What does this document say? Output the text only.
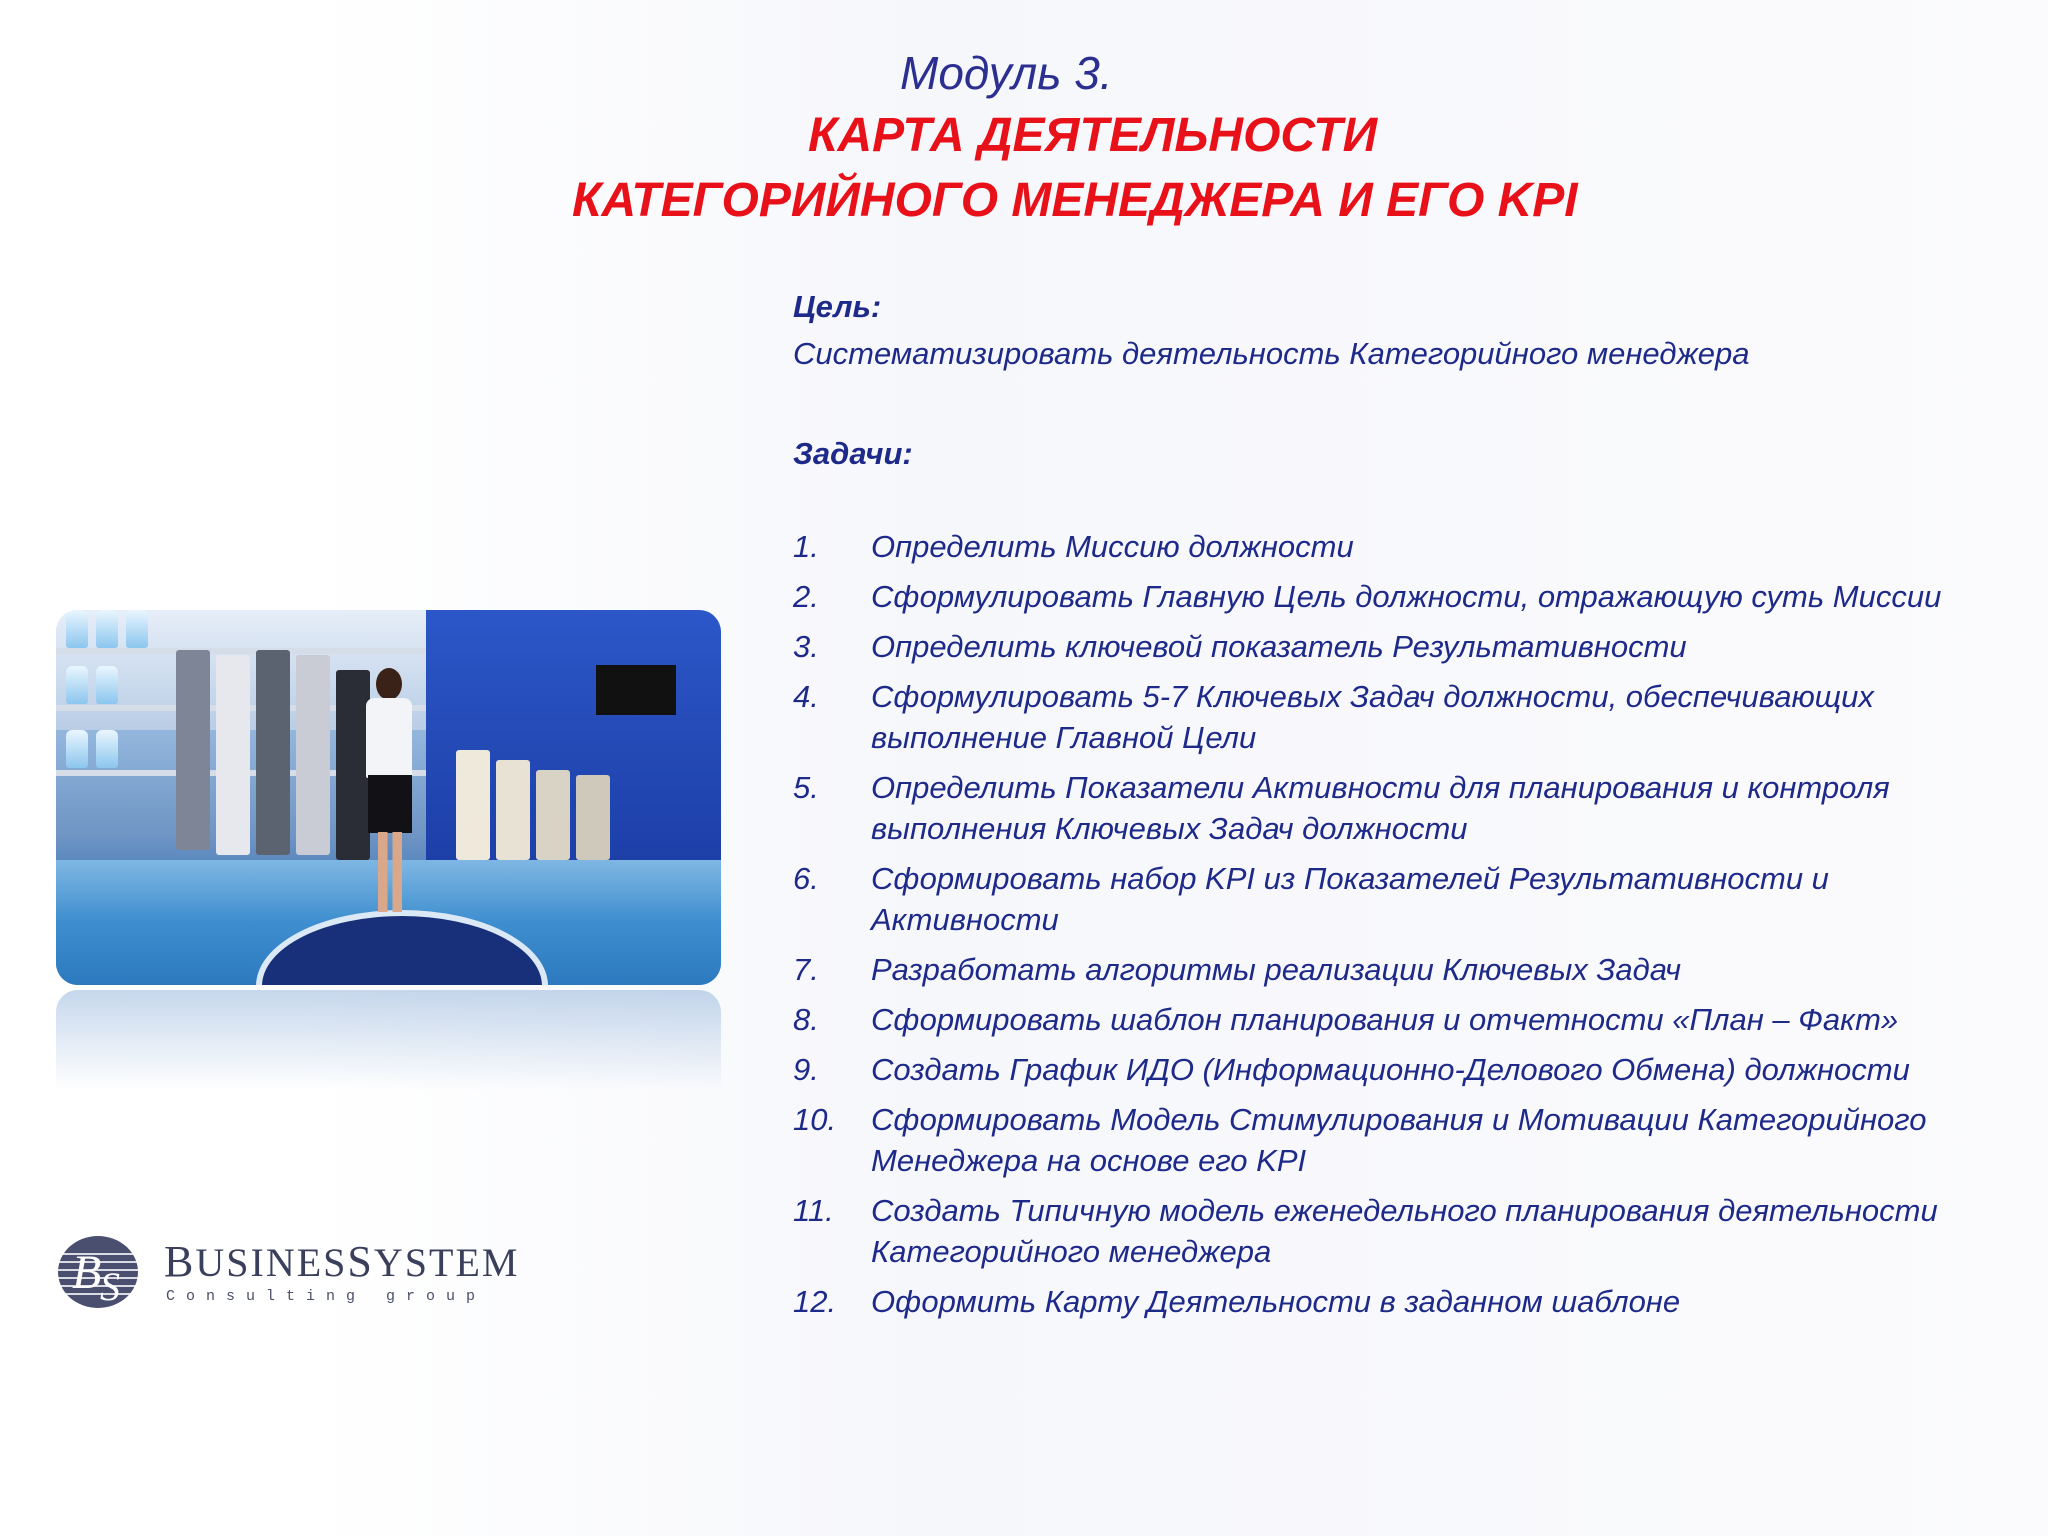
Модуль 3.
КАРТА ДЕЯТЕЛЬНОСТИ
КАТЕГОРИЙНОГО МЕНЕДЖЕРА И ЕГО KPI
B
S
BUSINESSYSTEM
Consulting group
Цель:
Систематизировать деятельность Категорийного менеджера
Задачи:
1.	Определить Миссию должности
2.	Сформулировать Главную Цель должности, отражающую суть Миссии
3.	Определить ключевой показатель Результативности
4.	Сформулировать 5-7 Ключевых Задач должности, обеспечивающих выполнение Главной Цели
5.	Определить Показатели Активности для планирования и контроля выполнения Ключевых Задач должности
6.	Сформировать набор KPI из Показателей Результативности и Активности
7.	Разработать алгоритмы реализации Ключевых Задач
8.	Сформировать шаблон планирования и отчетности «План – Факт»
9.	Создать График ИДО (Информационно-Делового Обмена) должности
10.	Сформировать Модель Стимулирования и Мотивации Категорийного Менеджера на основе его KPI
11.	Создать Типичную модель еженедельного планирования деятельности Категорийного менеджера
12.	Оформить Карту Деятельности в заданном шаблоне
